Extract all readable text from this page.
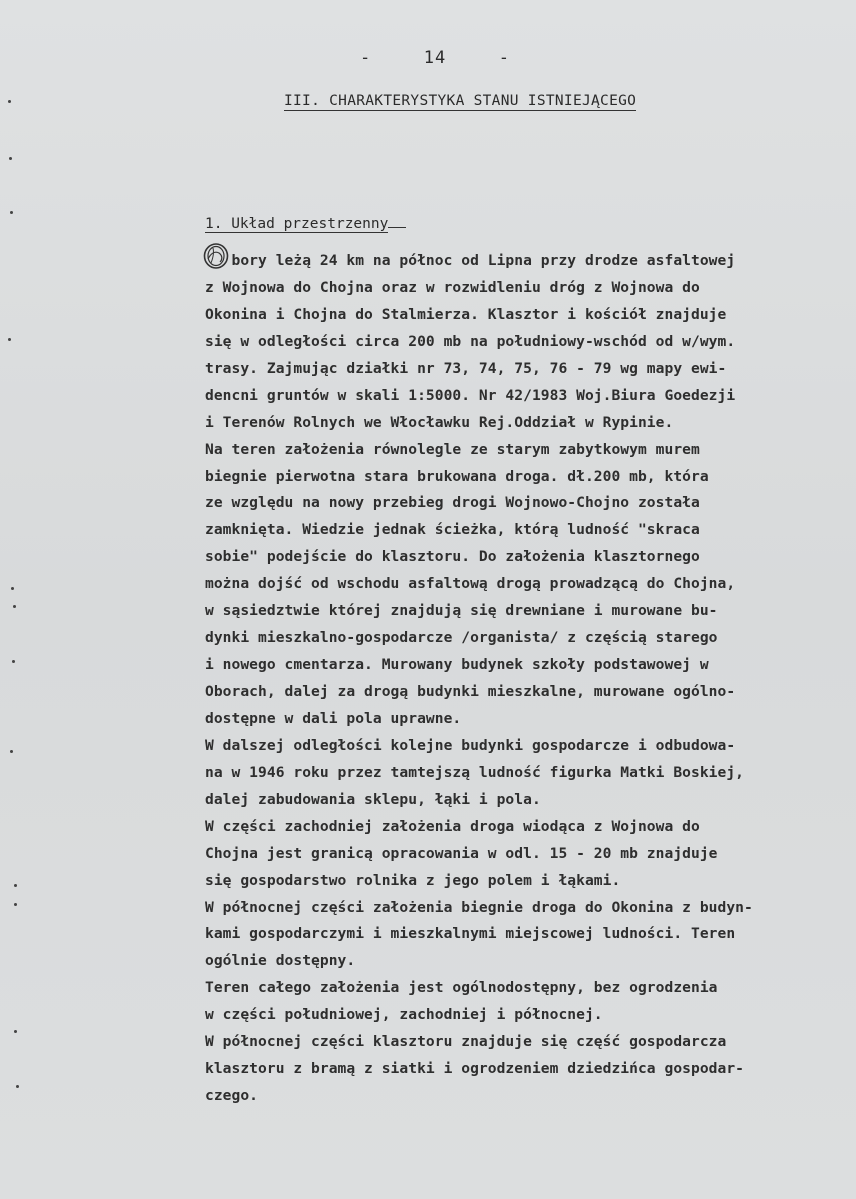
-	14	-
III. CHARAKTERYSTYKA STANU ISTNIEJĄCEGO
1. Układ przestrzenny
bory leżą 24 km na północ od Lipna przy drodze asfaltowej
z Wojnowa do Chojna oraz w rozwidleniu dróg z Wojnowa do
Okonina i Chojna do Stalmierza. Klasztor i kościół znajduje
się w odległości circa 200 mb na południowy-wschód od w/wym.
trasy. Zajmując działki nr 73, 74, 75, 76 - 79 wg mapy ewi-
dencni gruntów w skali 1:5000. Nr 42/1983 Woj.Biura Goedezji
i Terenów Rolnych we Włocławku Rej.Oddział w Rypinie.
Na teren założenia równolegle ze starym zabytkowym murem
biegnie pierwotna stara brukowana droga. dł.200 mb, która
ze względu na nowy przebieg drogi Wojnowo-Chojno została
zamknięta. Wiedzie jednak ścieżka, którą ludność "skraca
sobie" podejście do klasztoru. Do założenia klasztornego
można dojść od wschodu asfaltową drogą prowadzącą do Chojna,
w sąsiedztwie której znajdują się drewniane i murowane bu-
dynki mieszkalno-gospodarcze /organista/ z częścią starego
i nowego cmentarza. Murowany budynek szkoły podstawowej w
Oborach, dalej za drogą budynki mieszkalne, murowane ogólno-
dostępne w dali pola uprawne.
W dalszej odległości kolejne budynki gospodarcze i odbudowa-
na w 1946 roku przez tamtejszą ludność figurka Matki Boskiej,
dalej zabudowania sklepu, łąki i pola.
W części zachodniej założenia droga wiodąca z Wojnowa do
Chojna jest granicą opracowania w odl. 15 - 20 mb znajduje
się gospodarstwo rolnika z jego polem i łąkami.
W północnej części założenia biegnie droga do Okonina z budyn-
kami gospodarczymi i mieszkalnymi miejscowej ludności. Teren
ogólnie dostępny.
Teren całego założenia jest ogólnodostępny, bez ogrodzenia
w części południowej, zachodniej i północnej.
W północnej części klasztoru znajduje się część gospodarcza
klasztoru z bramą z siatki i ogrodzeniem dziedzińca gospodar-
czego.
